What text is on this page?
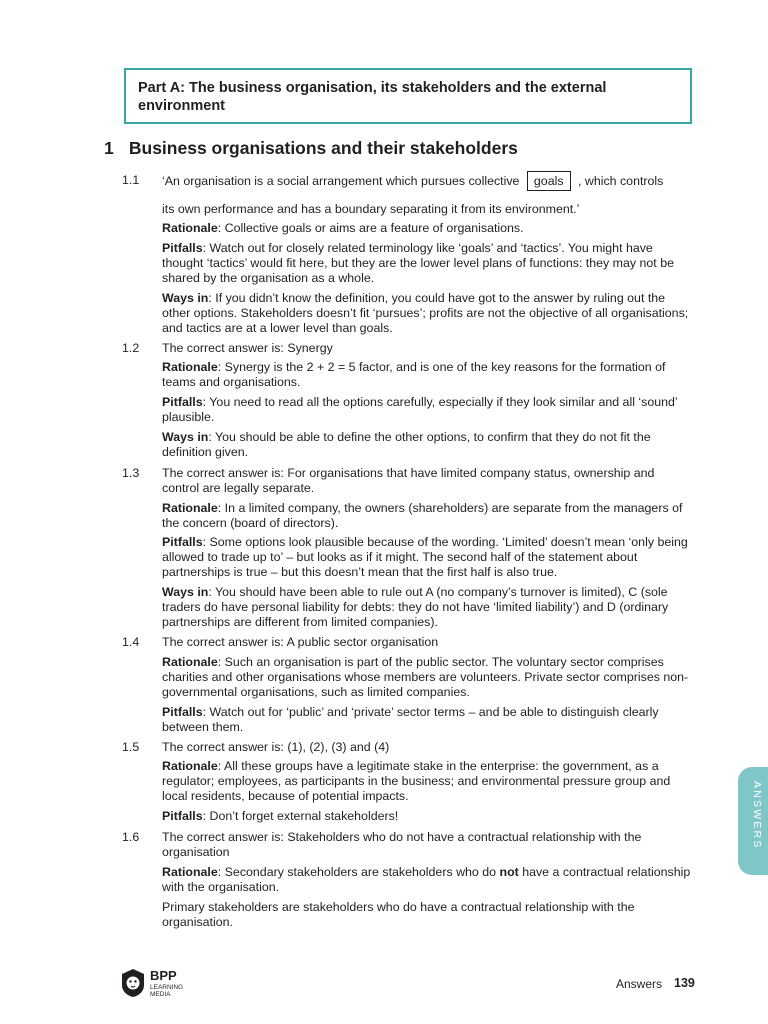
Part A: The business organisation, its stakeholders and the external environment
1 Business organisations and their stakeholders
1.1 ‘An organisation is a social arrangement which pursues collective goals , which controls
its own performance and has a boundary separating it from its environment.’
Rationale: Collective goals or aims are a feature of organisations.
Pitfalls: Watch out for closely related terminology like ‘goals’ and ‘tactics’. You might have thought ‘tactics’ would fit here, but they are the lower level plans of functions: they may not be shared by the organisation as a whole.
Ways in: If you didn’t know the definition, you could have got to the answer by ruling out the other options. Stakeholders doesn’t fit ‘pursues’; profits are not the objective of all organisations; and tactics are at a lower level than goals.
1.2 The correct answer is: Synergy
Rationale: Synergy is the 2 + 2 = 5 factor, and is one of the key reasons for the formation of teams and organisations.
Pitfalls: You need to read all the options carefully, especially if they look similar and all ‘sound’ plausible.
Ways in: You should be able to define the other options, to confirm that they do not fit the definition given.
1.3 The correct answer is: For organisations that have limited company status, ownership and control are legally separate.
Rationale: In a limited company, the owners (shareholders) are separate from the managers of the concern (board of directors).
Pitfalls: Some options look plausible because of the wording. ‘Limited’ doesn’t mean ‘only being allowed to trade up to’ – but looks as if it might. The second half of the statement about partnerships is true – but this doesn’t mean that the first half is also true.
Ways in: You should have been able to rule out A (no company’s turnover is limited), C (sole traders do have personal liability for debts: they do not have ‘limited liability’) and D (ordinary partnerships are different from limited companies).
1.4 The correct answer is: A public sector organisation
Rationale: Such an organisation is part of the public sector. The voluntary sector comprises charities and other organisations whose members are volunteers. Private sector comprises non-governmental organisations, such as limited companies.
Pitfalls: Watch out for ‘public’ and ‘private’ sector terms – and be able to distinguish clearly between them.
1.5 The correct answer is: (1), (2), (3) and (4)
Rationale: All these groups have a legitimate stake in the enterprise: the government, as a regulator; employees, as participants in the business; and environmental pressure group and local residents, because of potential impacts.
Pitfalls: Don’t forget external stakeholders!
1.6 The correct answer is: Stakeholders who do not have a contractual relationship with the organisation
Rationale: Secondary stakeholders are stakeholders who do not have a contractual relationship with the organisation.
Primary stakeholders are stakeholders who do have a contractual relationship with the organisation.
ANSWERS
BPP
LEARNING
MEDIA
Answers 139
